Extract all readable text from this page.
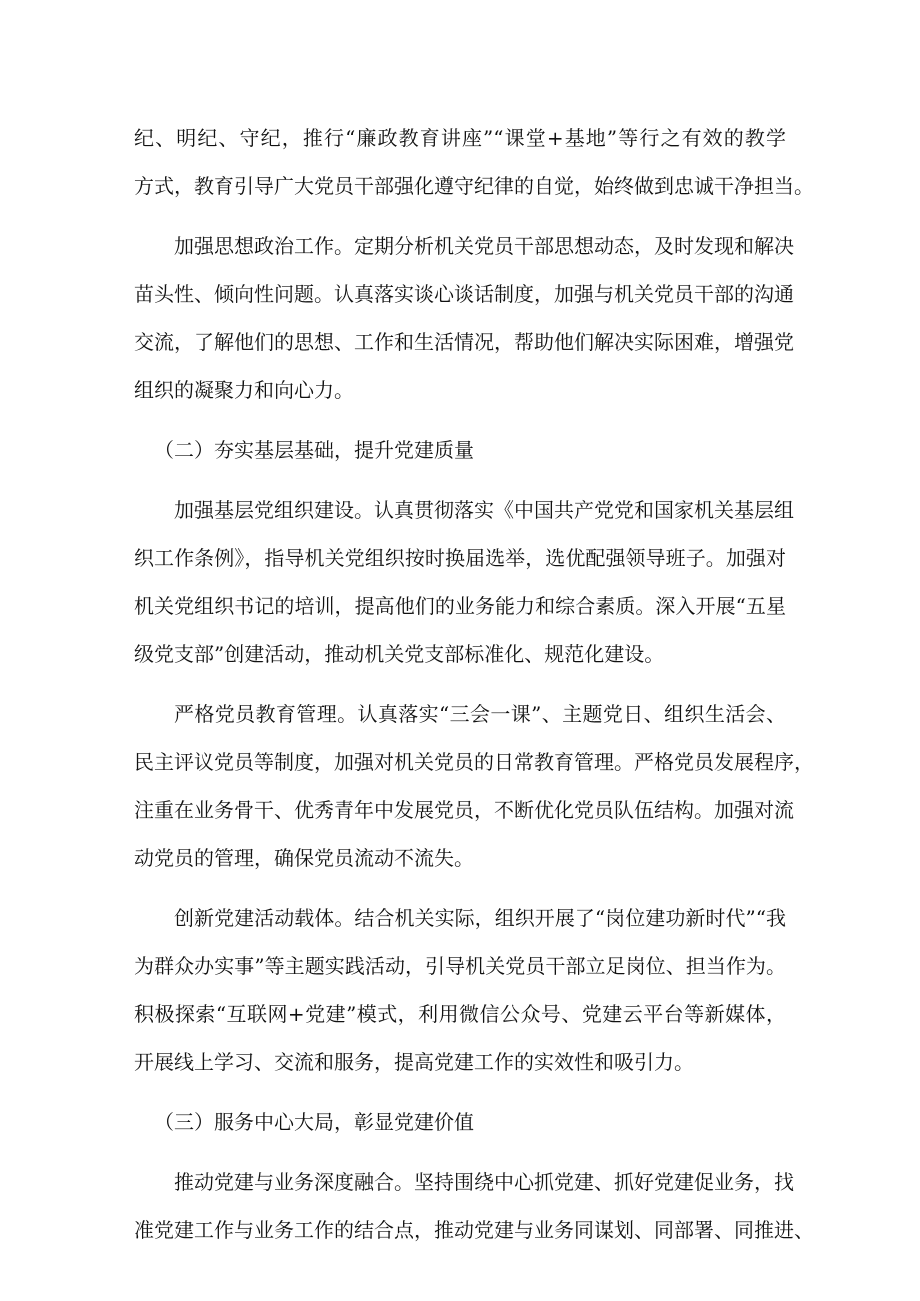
纪、明纪、守纪，推行“廉政教育讲座”“课堂+基地”等行之有效的教学
方式，教育引导广大党员干部强化遵守纪律的自觉，始终做到忠诚干净担当。
加强思想政治工作。定期分析机关党员干部思想动态，及时发现和解决
苗头性、倾向性问题。认真落实谈心谈话制度，加强与机关党员干部的沟通
交流，了解他们的思想、工作和生活情况，帮助他们解决实际困难，增强党
组织的凝聚力和向心力。
（二）夯实基层基础，提升党建质量
加强基层党组织建设。认真贯彻落实《中国共产党党和国家机关基层组
织工作条例》，指导机关党组织按时换届选举，选优配强领导班子。加强对
机关党组织书记的培训，提高他们的业务能力和综合素质。深入开展“五星
级党支部”创建活动，推动机关党支部标准化、规范化建设。
严格党员教育管理。认真落实“三会一课”、主题党日、组织生活会、
民主评议党员等制度，加强对机关党员的日常教育管理。严格党员发展程序，
注重在业务骨干、优秀青年中发展党员，不断优化党员队伍结构。加强对流
动党员的管理，确保党员流动不流失。
创新党建活动载体。结合机关实际，组织开展了“岗位建功新时代”“我
为群众办实事”等主题实践活动，引导机关党员干部立足岗位、担当作为。
积极探索“互联网+党建”模式，利用微信公众号、党建云平台等新媒体，
开展线上学习、交流和服务，提高党建工作的实效性和吸引力。
（三）服务中心大局，彰显党建价值
推动党建与业务深度融合。坚持围绕中心抓党建、抓好党建促业务，找
准党建工作与业务工作的结合点，推动党建与业务同谋划、同部署、同推进、
